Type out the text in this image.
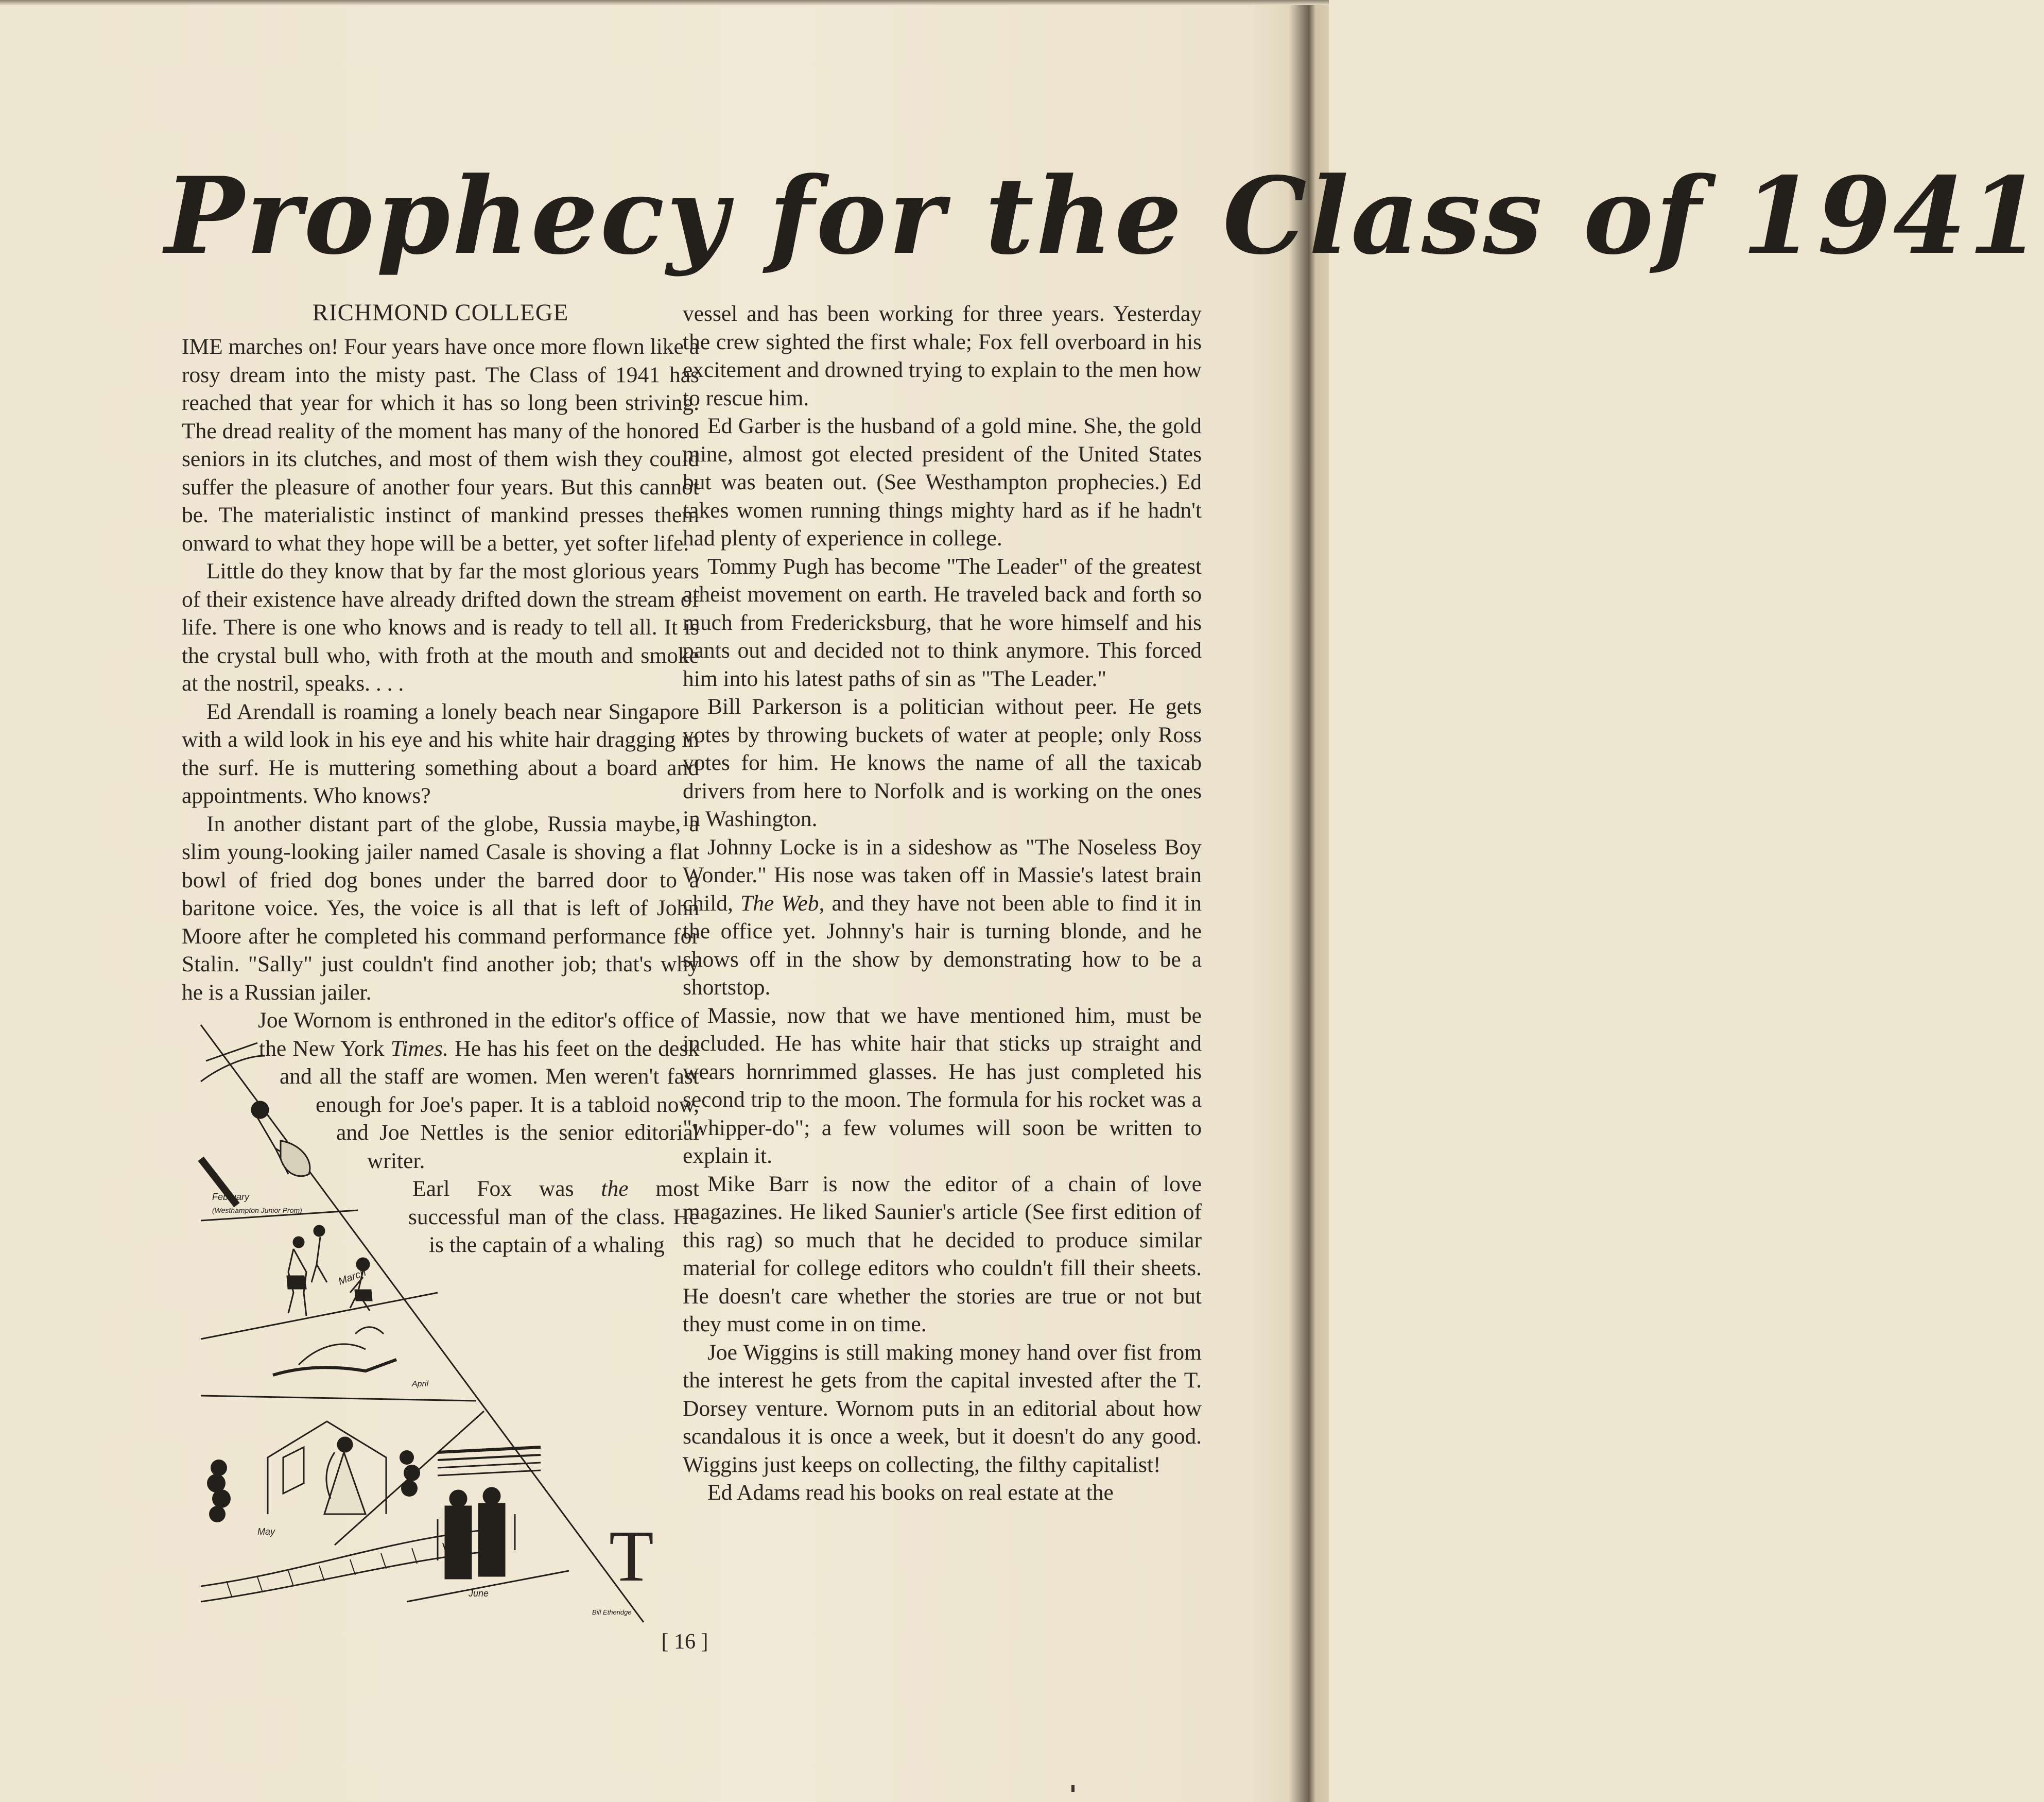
Prophecy for the Class of 1941
RICHMOND COLLEGE

T
IME marches on! Four years have once more flown like a rosy dream into the misty past. The Class of 1941 has reached that year for which it has so long been striving. The dread reality of the moment has many of the honored seniors in its clutches, and most of them wish they could suffer the pleasure of another four years. But this cannot be. The materialistic instinct of mankind presses them onward to what they hope will be a better, yet softer life.

Little do they know that by far the most glorious years of their existence have already drifted down the stream of life. There is one who knows and is ready to tell all. It is the crystal bull who, with froth at the mouth and smoke at the nostril, speaks. . . .

Ed Arendall is roaming a lonely beach near Singapore with a wild look in his eye and his white hair dragging in the surf. He is muttering something about a board and appointments. Who knows?

In another distant part of the globe, Russia maybe, a slim young-looking jailer named Casale is shoving a flat bowl of fried dog bones under the barred door to a baritone voice. Yes, the voice is all that is left of John Moore after he completed his command performance for Stalin. "Sally" just couldn't find another job; that's why he is a Russian jailer.

Joe Wornom is enthroned in the editor's office of the New York Times. He has his feet on the desk and all the staff are women. Men weren't fast enough for Joe's paper. It is a tabloid now, and Joe Nettles is the senior editorial writer.

Earl Fox was the most successful man of the class. He is the captain of a whaling

vessel and has been working for three years. Yesterday the crew sighted the first whale; Fox fell overboard in his excitement and drowned trying to explain to the men how to rescue him.

Ed Garber is the husband of a gold mine. She, the gold mine, almost got elected president of the United States but was beaten out. (See Westhampton prophecies.) Ed takes women running things mighty hard as if he hadn't had plenty of experience in college.

Tommy Pugh has become "The Leader" of the greatest atheist movement on earth. He traveled back and forth so much from Fredericksburg, that he wore himself and his pants out and decided not to think anymore. This forced him into his latest paths of sin as "The Leader."

Bill Parkerson is a politician without peer. He gets votes by throwing buckets of water at people; only Ross votes for him. He knows the name of all the taxicab drivers from here to Norfolk and is working on the ones in Washington.

Johnny Locke is in a sideshow as "The Noseless Boy Wonder." His nose was taken off in Massie's latest brain child, The Web, and they have not been able to find it in the office yet. Johnny's hair is turning blonde, and he shows off in the show by demonstrating how to be a shortstop.

Massie, now that we have mentioned him, must be included. He has white hair that sticks up straight and wears hornrimmed glasses. He has just completed his second trip to the moon. The formula for his rocket was a "whipper-do"; a few volumes will soon be written to explain it.

Mike Barr is now the editor of a chain of love magazines. He liked Saunier's article (See first edition of this rag) so much that he decided to produce similar material for college editors who couldn't fill their sheets. He doesn't care whether the stories are true or not but they must come in on time.

Joe Wiggins is still making money hand over fist from the interest he gets from the capital invested after the T. Dorsey venture. Wornom puts in an editorial about how scandalous it is once a week, but it doesn't do any good. Wiggins just keeps on collecting, the filthy capitalist!

Ed Adams read his books on real estate at the

February
(Westhampton Junior Prom)
March
April
May
June
Bill Etheridge
[ 16 ]
